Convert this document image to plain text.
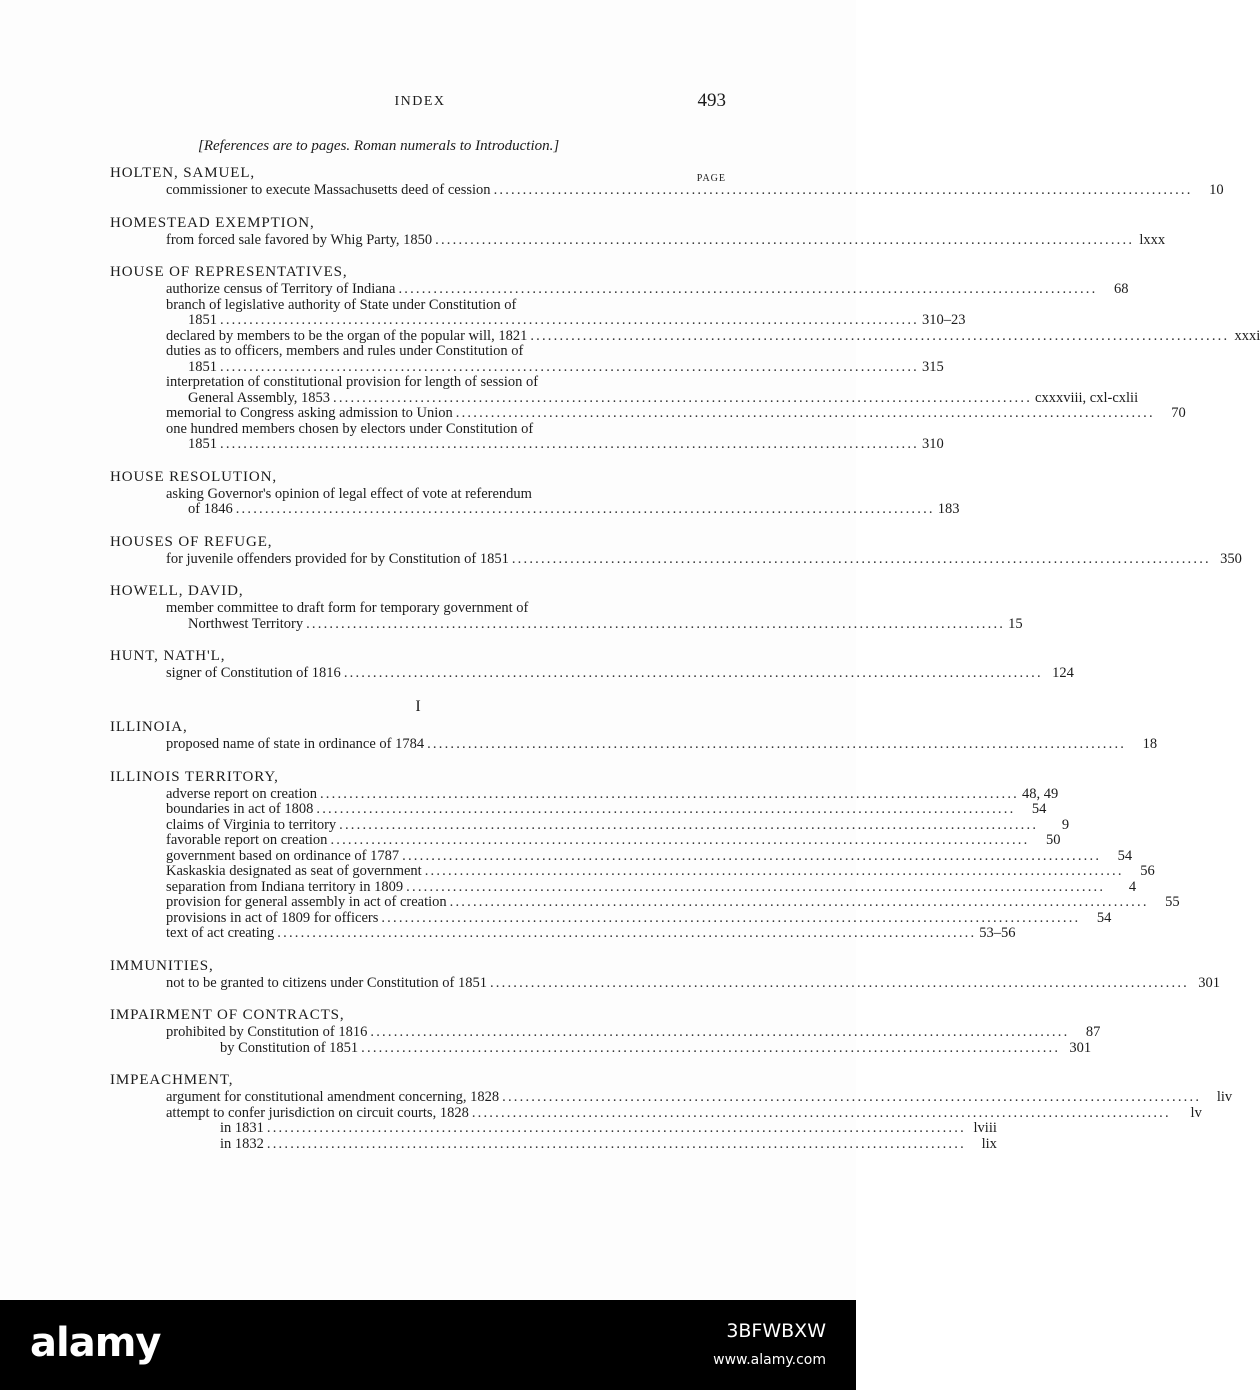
INDEX	493
[References are to pages. Roman numerals to Introduction.]
HOLTEN, SAMUEL,	PAGE
commissioner to execute Massachusetts deed of cession .....	10
HOMESTEAD EXEMPTION,
from forced sale favored by Whig Party, 1850 .....	lxxx
HOUSE OF REPRESENTATIVES,
authorize census of Territory of Indiana .....	68
branch of legislative authority of State under Constitution of
1851 .....	310–23
declared by members to be the organ of the popular will, 1821 .....	xxxi
duties as to officers, members and rules under Constitution of
1851 .....	315
interpretation of constitutional provision for length of session of
General Assembly, 1853 .....	cxxxviii, cxl-cxlii
memorial to Congress asking admission to Union .....	70
one hundred members chosen by electors under Constitution of
1851 .....	310
HOUSE RESOLUTION,
asking Governor's opinion of legal effect of vote at referendum
of 1846 .....	183
HOUSES OF REFUGE,
for juvenile offenders provided for by Constitution of 1851 .....	350
HOWELL, DAVID,
member committee to draft form for temporary government of
Northwest Territory .....	15
HUNT, NATH'L,
signer of Constitution of 1816 .....	124
I
ILLINOIA,
proposed name of state in ordinance of 1784 .....	18
ILLINOIS TERRITORY,
adverse report on creation .....	48, 49
boundaries in act of 1808 .....	54
claims of Virginia to territory .....	9
favorable report on creation .....	50
government based on ordinance of 1787 .....	54
Kaskaskia designated as seat of government .....	56
separation from Indiana territory in 1809 .....	4
provision for general assembly in act of creation .....	55
provisions in act of 1809 for officers .....	54
text of act creating .....	53–56
IMMUNITIES,
not to be granted to citizens under Constitution of 1851 .....	301
IMPAIRMENT OF CONTRACTS,
prohibited by Constitution of 1816 .....	87
by Constitution of 1851 .....	301
IMPEACHMENT,
argument for constitutional amendment concerning, 1828 .....	liv
attempt to confer jurisdiction on circuit courts, 1828 .....	lv
in 1831 .....	lviii
in 1832 .....	lix
alamy	3BFWBXW
www.alamy.com
